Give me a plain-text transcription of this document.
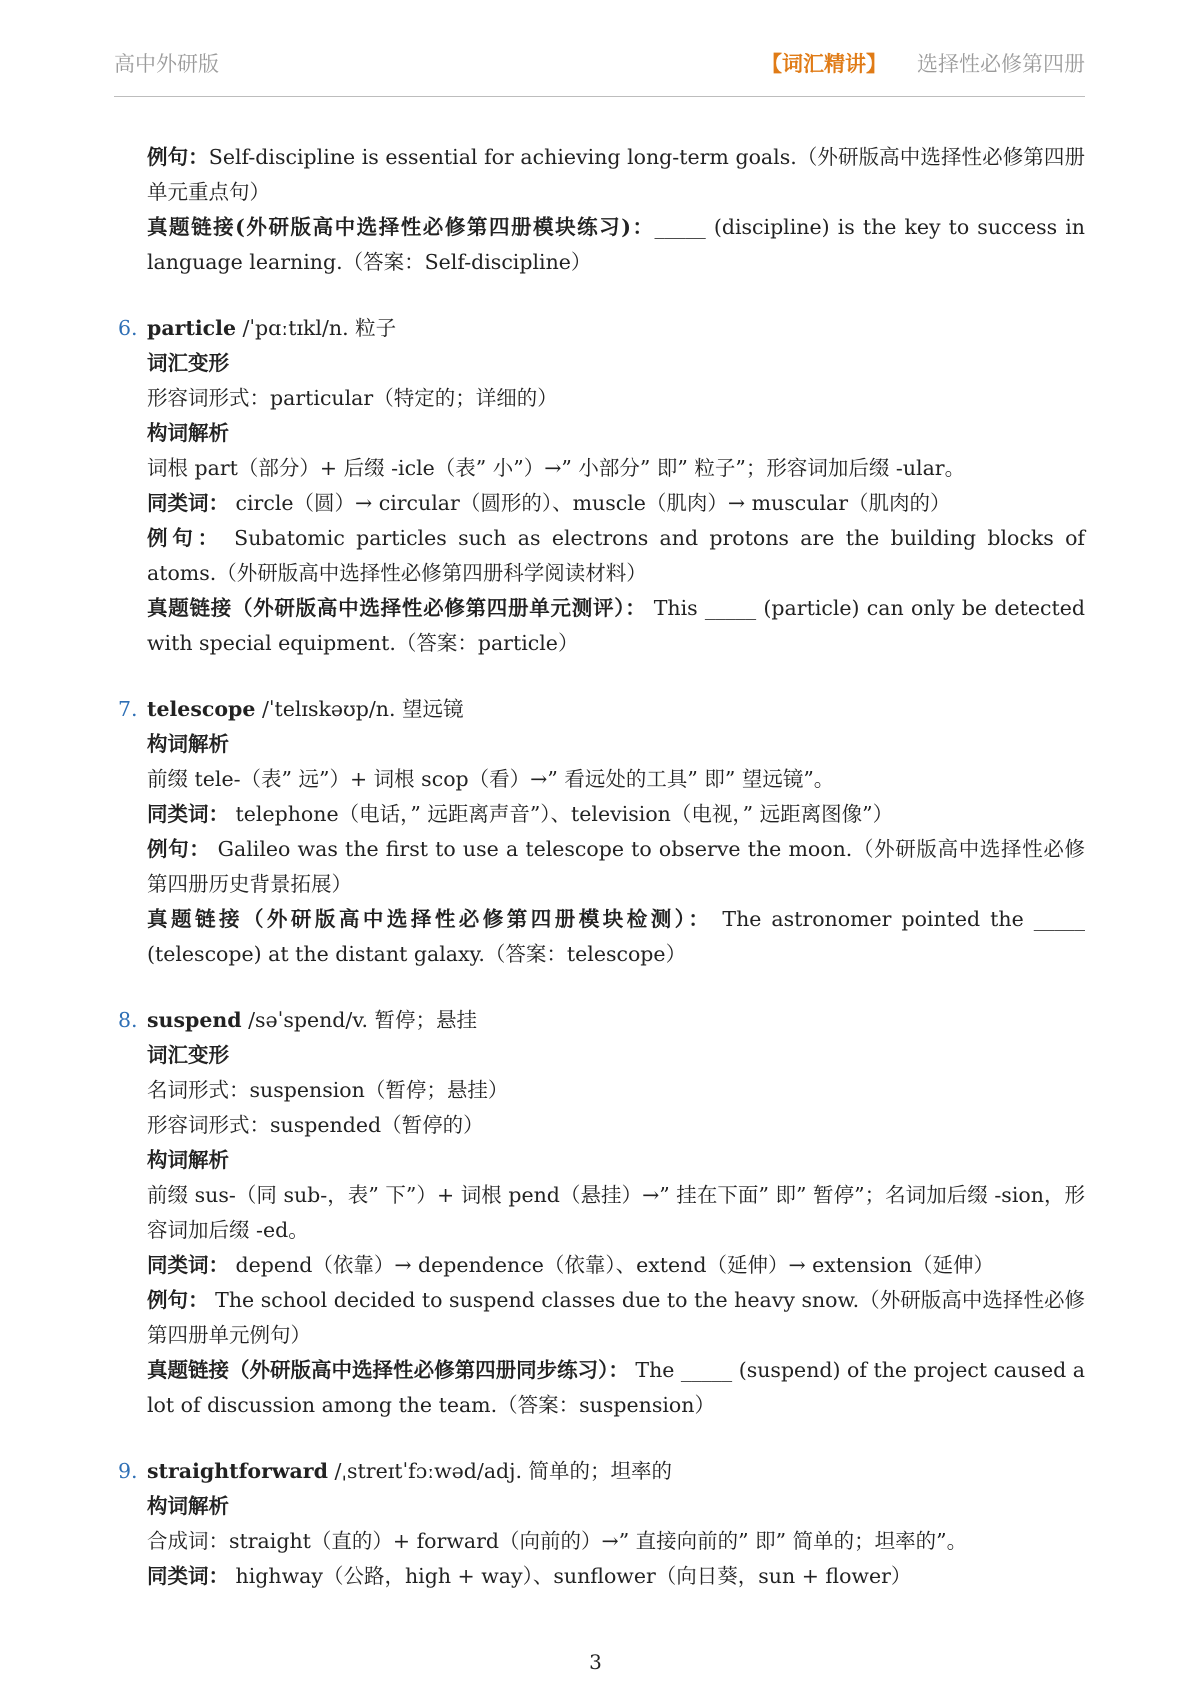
高中外研版	【词汇精讲】 选择性必修第四册
例句：Self-discipline is essential for achieving long-term goals.（外研版高中选择性必修第四册单元重点句）
真题链接(外研版高中选择性必修第四册模块练习)：_____ (discipline) is the key to success in language learning.（答案：Self-discipline）
6. particle /ˈpɑːtɪkl/n. 粒子
词汇变形
形容词形式：particular（特定的；详细的）
构词解析
词根 part（部分）+ 后缀 -icle（表” 小”）→” 小部分” 即” 粒子”；形容词加后缀 -ular。
同类词： circle（圆）→ circular（圆形的）、muscle（肌肉）→ muscular（肌肉的）
例句： Subatomic particles such as electrons and protons are the building blocks of atoms.（外研版高中选择性必修第四册科学阅读材料）
真题链接（外研版高中选择性必修第四册单元测评）： This _____ (particle) can only be detected with special equipment.（答案：particle）
7. telescope /ˈtelɪskəʊp/n. 望远镜
构词解析
前缀 tele-（表” 远”）+ 词根 scop（看）→” 看远处的工具” 即” 望远镜”。
同类词： telephone（电话，” 远距离声音”）、television（电视，” 远距离图像”）
例句： Galileo was the first to use a telescope to observe the moon.（外研版高中选择性必修第四册历史背景拓展）
真题链接（外研版高中选择性必修第四册模块检测）： The astronomer pointed the _____ (telescope) at the distant galaxy.（答案：telescope）
8. suspend /səˈspend/v. 暂停；悬挂
词汇变形
名词形式：suspension（暂停；悬挂）
形容词形式：suspended（暂停的）
构词解析
前缀 sus-（同 sub-，表” 下”）+ 词根 pend（悬挂）→” 挂在下面” 即” 暂停”；名词加后缀 -sion，形容词加后缀 -ed。
同类词： depend（依靠）→ dependence（依靠）、extend（延伸）→ extension（延伸）
例句： The school decided to suspend classes due to the heavy snow.（外研版高中选择性必修第四册单元例句）
真题链接（外研版高中选择性必修第四册同步练习）： The _____ (suspend) of the project caused a lot of discussion among the team.（答案：suspension）
9. straightforward /ˌstreɪtˈfɔːwəd/adj. 简单的；坦率的
构词解析
合成词：straight（直的）+ forward（向前的）→” 直接向前的” 即” 简单的；坦率的”。
同类词： highway（公路，high + way）、sunflower（向日葵，sun + flower）
3
